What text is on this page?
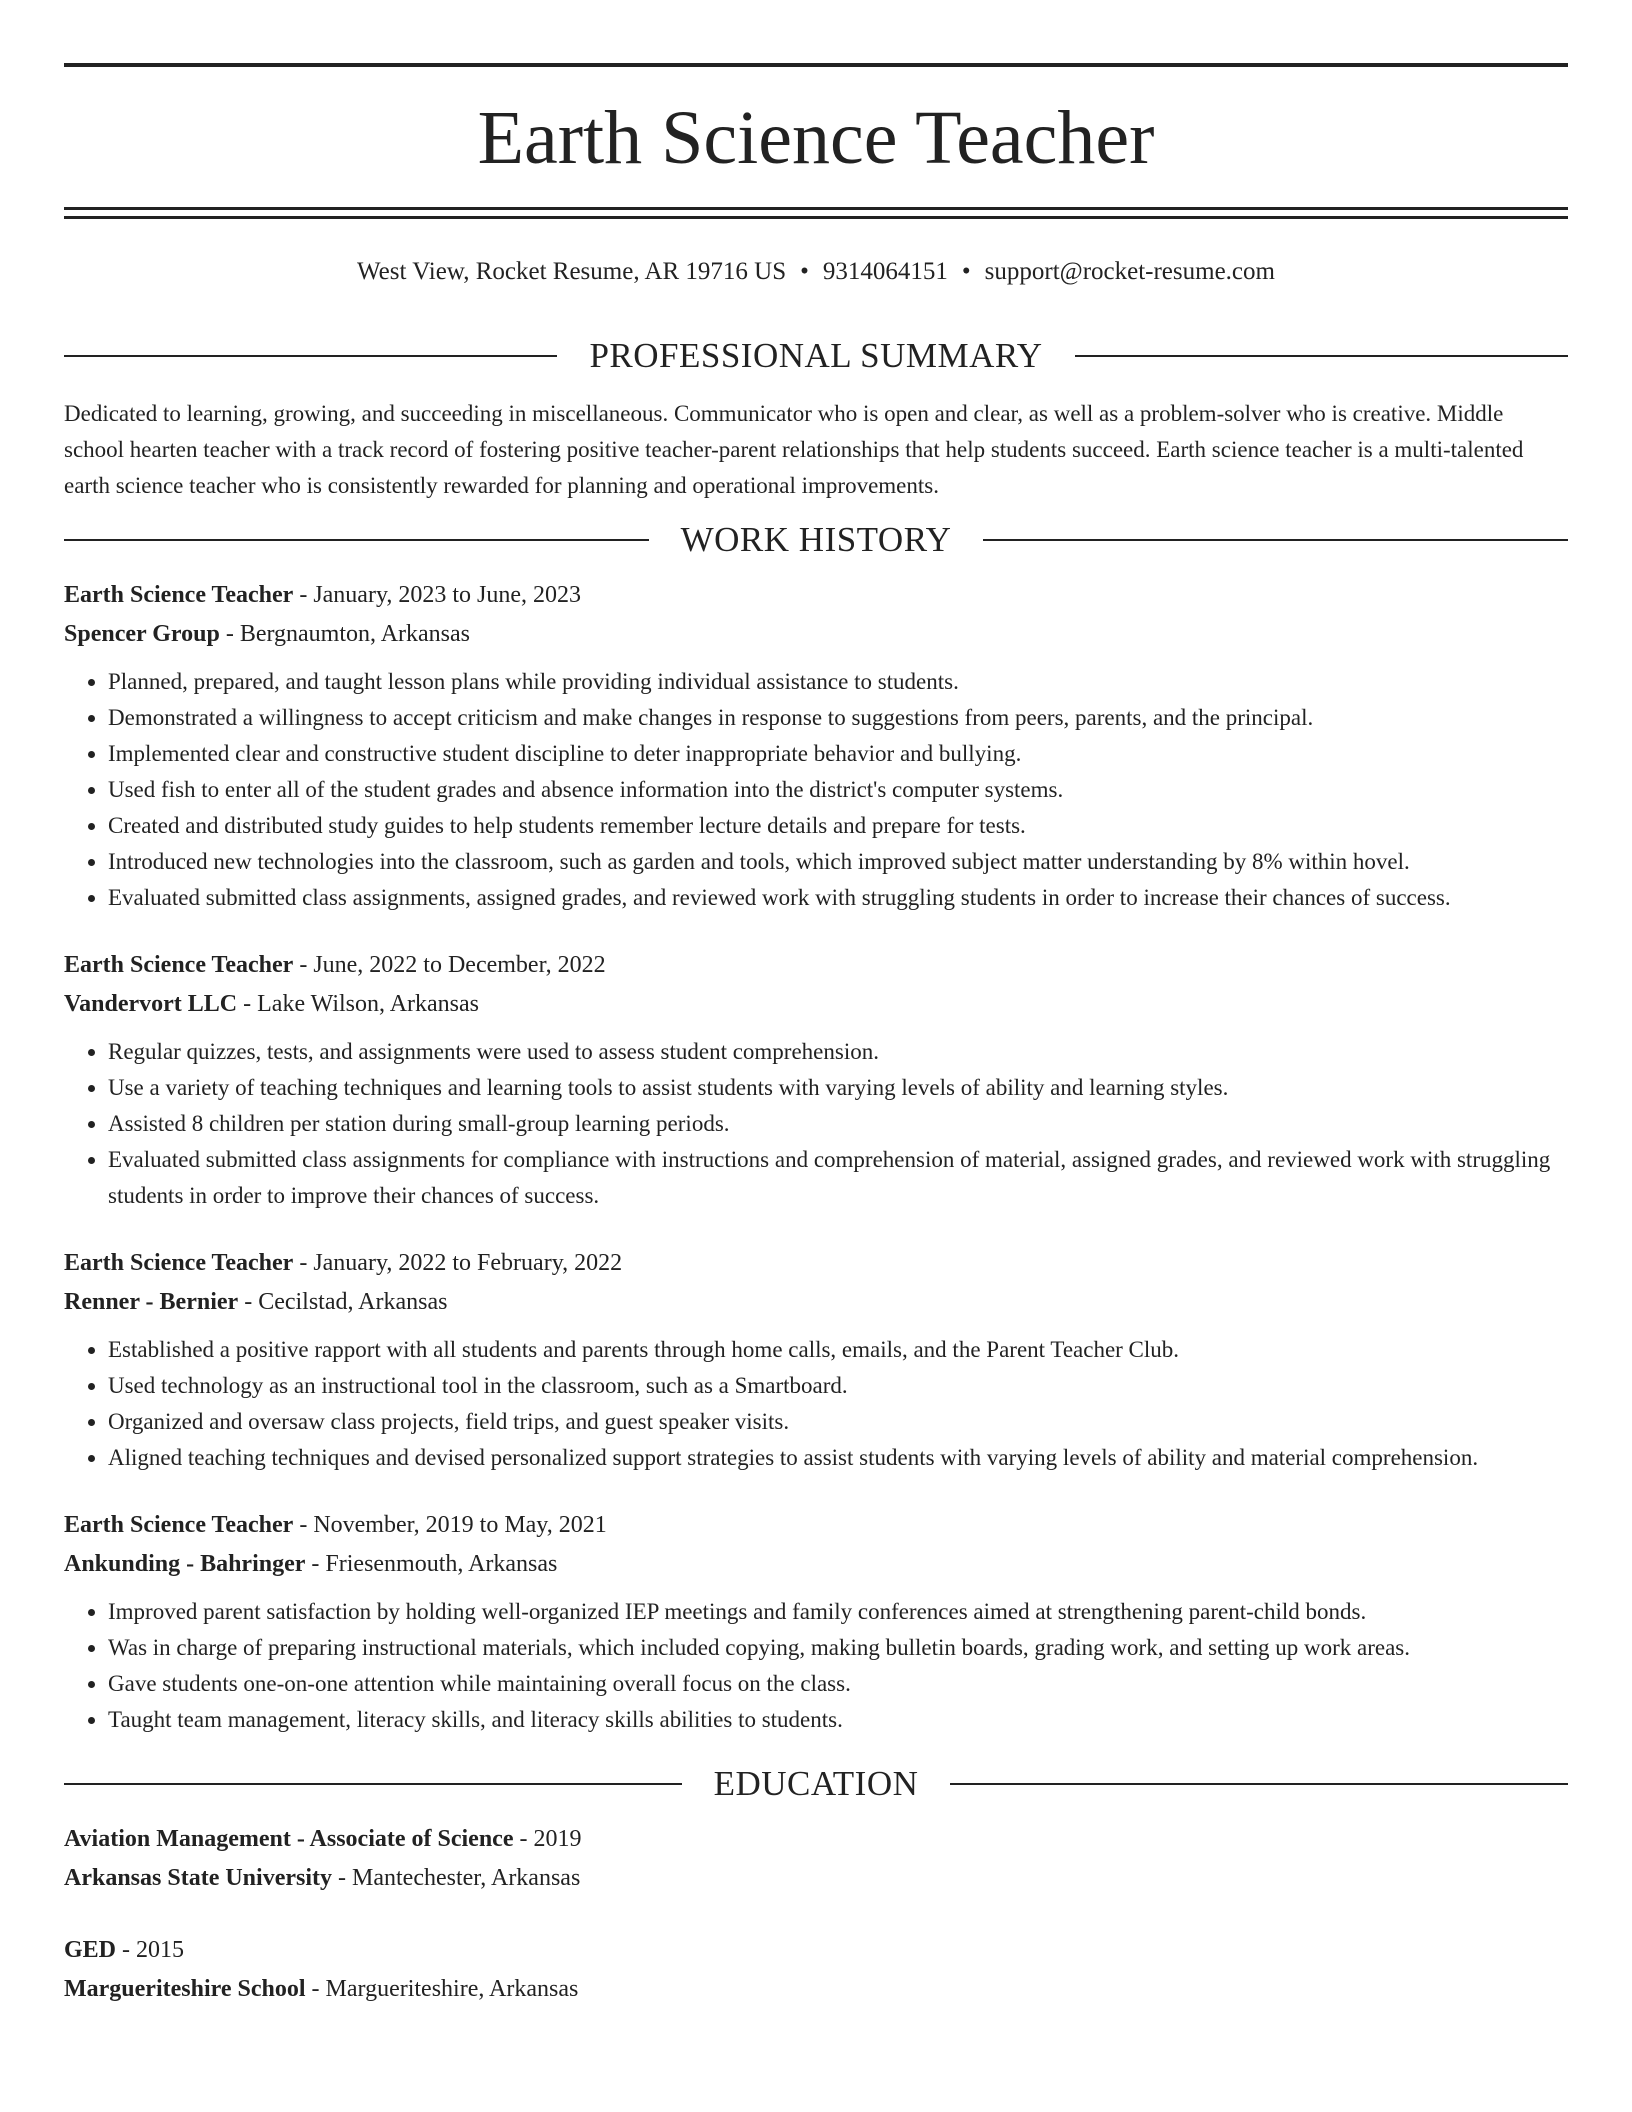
Earth Science Teacher
West View, Rocket Resume, AR 19716 US • 9314064151 • support@rocket-resume.com
PROFESSIONAL SUMMARY

Dedicated to learning, growing, and succeeding in miscellaneous. Communicator who is open and clear, as well as a problem-solver who is creative. Middle school hearten teacher with a track record of fostering positive teacher-parent relationships that help students succeed. Earth science teacher is a multi-talented earth science teacher who is consistently rewarded for planning and operational improvements.

WORK HISTORY
Earth Science Teacher - January, 2023 to June, 2023
Spencer Group - Bergnaumton, Arkansas
• Planned, prepared, and taught lesson plans while providing individual assistance to students.
• Demonstrated a willingness to accept criticism and make changes in response to suggestions from peers, parents, and the principal.
• Implemented clear and constructive student discipline to deter inappropriate behavior and bullying.
• Used fish to enter all of the student grades and absence information into the district's computer systems.
• Created and distributed study guides to help students remember lecture details and prepare for tests.
• Introduced new technologies into the classroom, such as garden and tools, which improved subject matter understanding by 8% within hovel.
• Evaluated submitted class assignments, assigned grades, and reviewed work with struggling students in order to increase their chances of success.
Earth Science Teacher - June, 2022 to December, 2022
Vandervort LLC - Lake Wilson, Arkansas
• Regular quizzes, tests, and assignments were used to assess student comprehension.
• Use a variety of teaching techniques and learning tools to assist students with varying levels of ability and learning styles.
• Assisted 8 children per station during small-group learning periods.
• Evaluated submitted class assignments for compliance with instructions and comprehension of material, assigned grades, and reviewed work with struggling students in order to improve their chances of success.
Earth Science Teacher - January, 2022 to February, 2022
Renner - Bernier - Cecilstad, Arkansas
• Established a positive rapport with all students and parents through home calls, emails, and the Parent Teacher Club.
• Used technology as an instructional tool in the classroom, such as a Smartboard.
• Organized and oversaw class projects, field trips, and guest speaker visits.
• Aligned teaching techniques and devised personalized support strategies to assist students with varying levels of ability and material comprehension.
Earth Science Teacher - November, 2019 to May, 2021
Ankunding - Bahringer - Friesenmouth, Arkansas
• Improved parent satisfaction by holding well-organized IEP meetings and family conferences aimed at strengthening parent-child bonds.
• Was in charge of preparing instructional materials, which included copying, making bulletin boards, grading work, and setting up work areas.
• Gave students one-on-one attention while maintaining overall focus on the class.
• Taught team management, literacy skills, and literacy skills abilities to students.
EDUCATION
Aviation Management - Associate of Science - 2019
Arkansas State University - Mantechester, Arkansas
GED - 2015
Margueriteshire School - Margueriteshire, Arkansas
